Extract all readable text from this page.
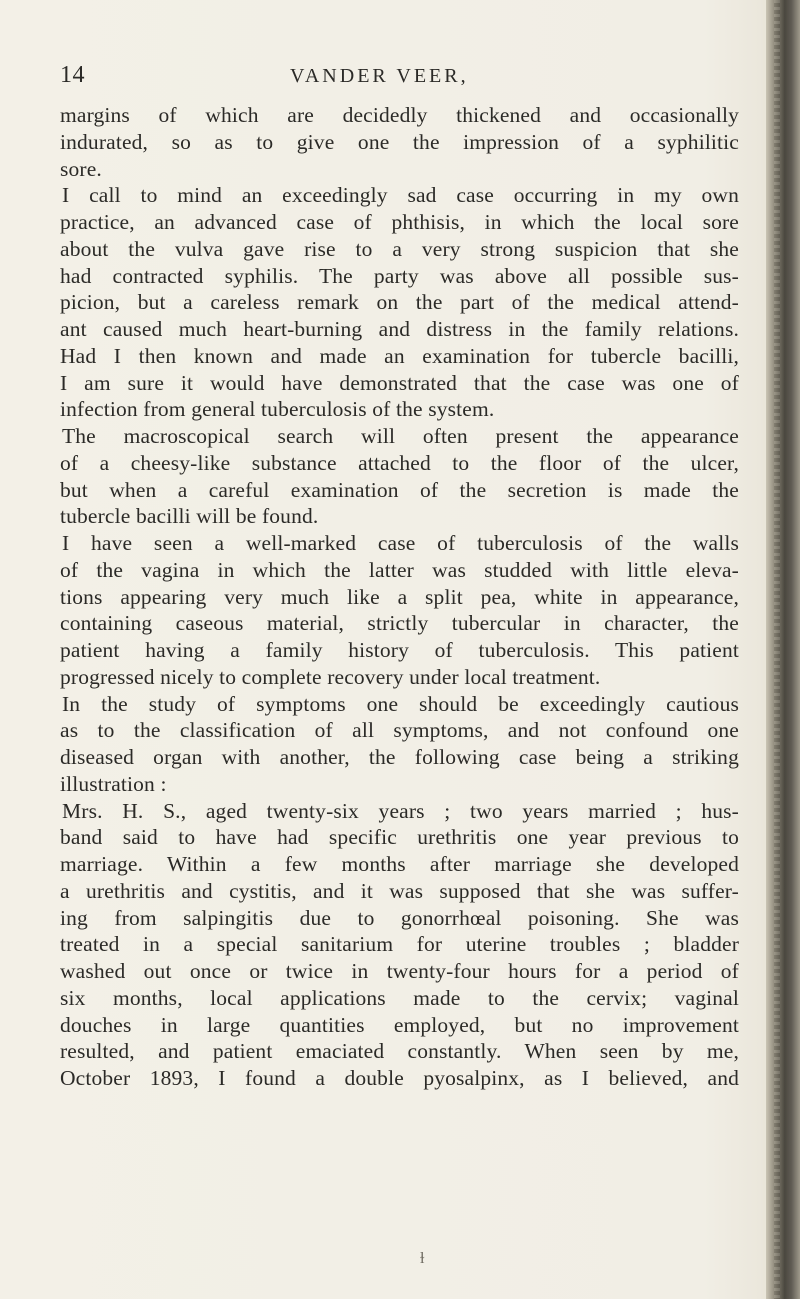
14	VANDER VEER,
margins of which are decidedly thickened and occasionally
indurated, so as to give one the impression of a syphilitic
sore.
I call to mind an exceedingly sad case occurring in my own
practice, an advanced case of phthisis, in which the local sore
about the vulva gave rise to a very strong suspicion that she
had contracted syphilis. The party was above all possible sus-
picion, but a careless remark on the part of the medical attend-
ant caused much heart-burning and distress in the family relations.
Had I then known and made an examination for tubercle bacilli,
I am sure it would have demonstrated that the case was one of
infection from general tuberculosis of the system.
The macroscopical search will often present the appearance
of a cheesy-like substance attached to the floor of the ulcer,
but when a careful examination of the secretion is made the
tubercle bacilli will be found.
I have seen a well-marked case of tuberculosis of the walls
of the vagina in which the latter was studded with little eleva-
tions appearing very much like a split pea, white in appearance,
containing caseous material, strictly tubercular in character, the
patient having a family history of tuberculosis. This patient
progressed nicely to complete recovery under local treatment.
In the study of symptoms one should be exceedingly cautious
as to the classification of all symptoms, and not confound one
diseased organ with another, the following case being a striking
illustration :
Mrs. H. S., aged twenty-six years ; two years married ; hus-
band said to have had specific urethritis one year previous to
marriage. Within a few months after marriage she developed
a urethritis and cystitis, and it was supposed that she was suffer-
ing from salpingitis due to gonorrhœal poisoning. She was
treated in a special sanitarium for uterine troubles ; bladder
washed out once or twice in twenty-four hours for a period of
six months, local applications made to the cervix; vaginal
douches in large quantities employed, but no improvement
resulted, and patient emaciated constantly. When seen by me,
October 1893, I found a double pyosalpinx, as I believed, and
ɫ
